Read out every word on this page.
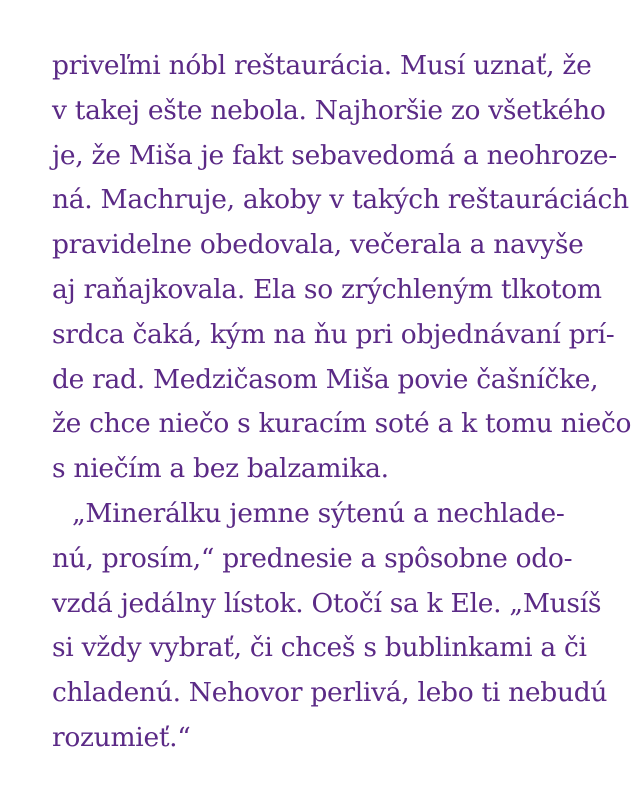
priveľmi nóbl reštaurácia. Musí uznať, že
v takej ešte nebola. Najhoršie zo všetkého
je, že Miša je fakt sebavedomá a neohroze-
ná. Machruje, akoby v takých reštauráciách
pravidelne obedovala, večerala a navyše
aj raňajkovala. Ela so zrýchleným tlkotom
srdca čaká, kým na ňu pri objednávaní prí-
de rad. Medzičasom Miša povie čašníčke,
že chce niečo s kuracím soté a k tomu niečo
s niečím a bez balzamika.
„Minerálku jemne sýtenú a nechlade-
nú, prosím,“ prednesie a spôsobne odo-
vzdá jedálny lístok. Otočí sa k Ele. „Musíš
si vždy vybrať, či chceš s bublinkami a či
chladenú. Nehovor perlivá, lebo ti nebudú
rozumieť.“
